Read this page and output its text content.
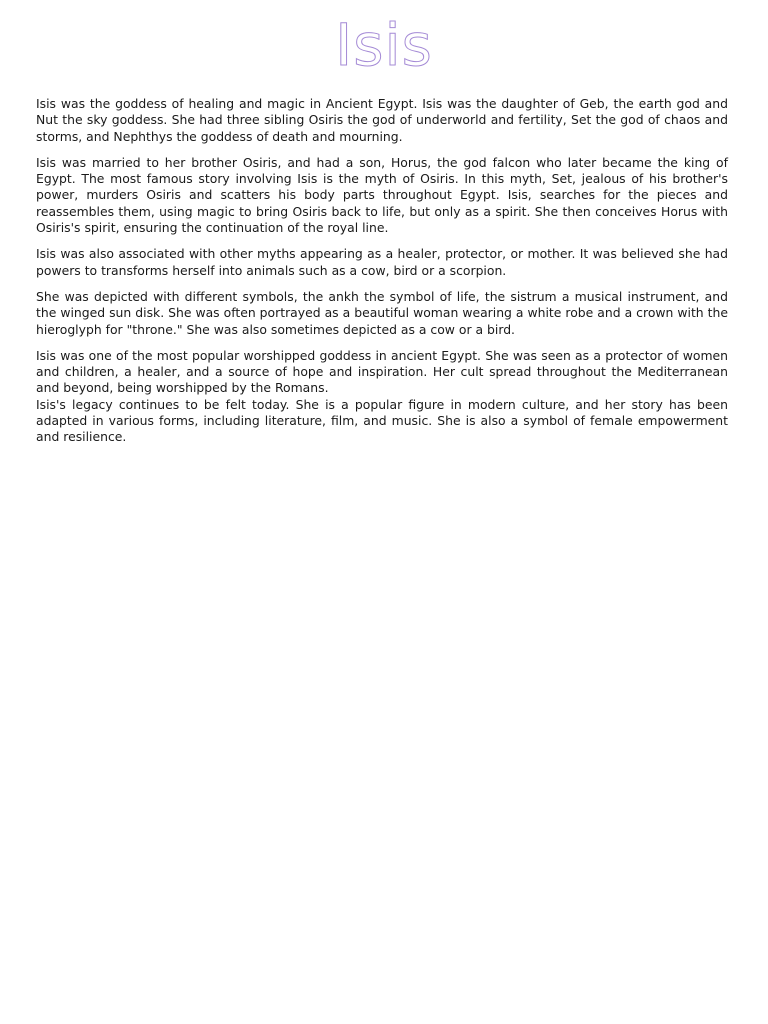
Isis

Isis was the goddess of healing and magic in Ancient Egypt. Isis was the daughter of Geb, the earth god and Nut the sky goddess. She had three sibling Osiris the god of underworld and fertility, Set the god of chaos and storms, and Nephthys the goddess of death and mourning.

Isis was married to her brother Osiris, and had a son, Horus, the god falcon who later became the king of Egypt. The most famous story involving Isis is the myth of Osiris. In this myth, Set, jealous of his brother's power, murders Osiris and scatters his body parts throughout Egypt. Isis, searches for the pieces and reassembles them, using magic to bring Osiris back to life, but only as a spirit. She then conceives Horus with Osiris's spirit, ensuring the continuation of the royal line.

Isis was also associated with other myths appearing as a healer, protector, or mother. It was believed she had powers to transforms herself into animals such as a cow, bird or a scorpion.

She was depicted with different symbols, the ankh the symbol of life, the sistrum a musical instrument, and the winged sun disk. She was often portrayed as a beautiful woman wearing a white robe and a crown with the hieroglyph for "throne." She was also sometimes depicted as a cow or a bird.

Isis was one of the most popular worshipped goddess in ancient Egypt. She was seen as a protector of women and children, a healer, and a source of hope and inspiration. Her cult spread throughout the Mediterranean and beyond, being worshipped by the Romans.

Isis's legacy continues to be felt today. She is a popular figure in modern culture, and her story has been adapted in various forms, including literature, film, and music. She is also a symbol of female empowerment and resilience.
